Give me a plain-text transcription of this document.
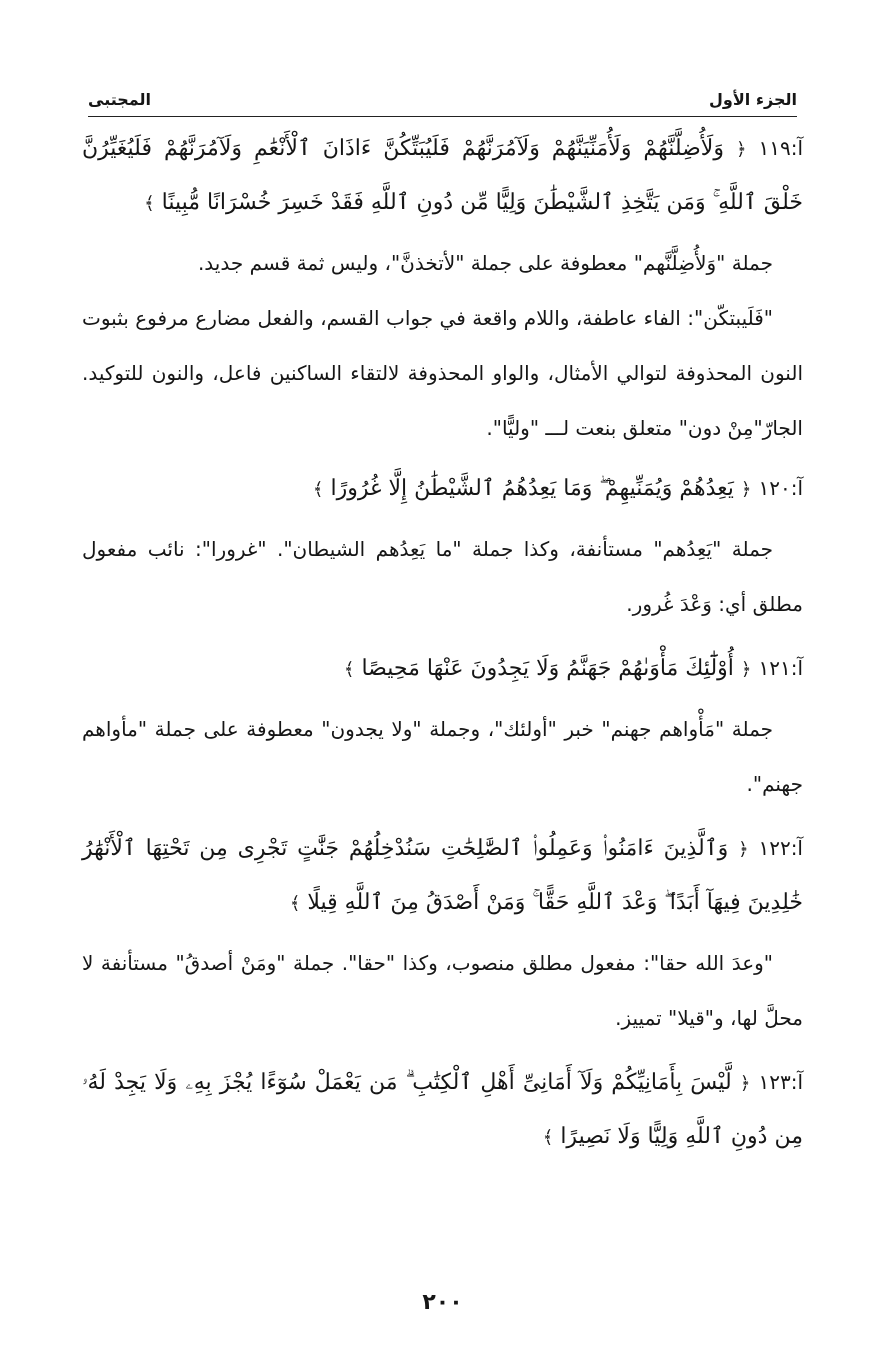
الجزء الأول
المجتبى
آ:١١٩ ﴿ وَلَأُضِلَّنَّهُمْ وَلَأُمَنِّيَنَّهُمْ وَلَآمُرَنَّهُمْ فَلَيُبَتِّكُنَّ ءَاذَانَ ٱلْأَنْعَٰمِ وَلَآمُرَنَّهُمْ فَلَيُغَيِّرُنَّ خَلْقَ ٱللَّهِ ۚ وَمَن يَتَّخِذِ ٱلشَّيْطَٰنَ وَلِيًّا مِّن دُونِ ٱللَّهِ فَقَدْ خَسِرَ خُسْرَانًا مُّبِينًا ﴾
جملة "وَلأُضِلَّنَّهم" معطوفة على جملة "لأتخذنَّ"، وليس ثمة قسم جديد.
"فَلَيبتكّن": الفاء عاطفة، واللام واقعة في جواب القسم، والفعل مضارع مرفوع بثبوت النون المحذوفة لتوالي الأمثال، والواو المحذوفة لالتقاء الساكنين فاعل، والنون للتوكيد. الجارّ"مِنْ دون" متعلق بنعت لـــ "وليًّا".
آ:١٢٠ ﴿ يَعِدُهُمْ وَيُمَنِّيهِمْ ۖ وَمَا يَعِدُهُمُ ٱلشَّيْطَٰنُ إِلَّا غُرُورًا ﴾
جملة "يَعِدُهم" مستأنفة، وكذا جملة "ما يَعِدُهم الشيطان". "غرورا": نائب مفعول مطلق أي: وَعْدَ غُرور.
آ:١٢١ ﴿ أُوْلَٰٓئِكَ مَأْوَىٰهُمْ جَهَنَّمُ وَلَا يَجِدُونَ عَنْهَا مَحِيصًا ﴾
جملة "مَأْواهم جهنم" خبر "أولئك"، وجملة "ولا يجدون" معطوفة على جملة "مأواهم جهنم".
آ:١٢٢ ﴿ وَٱلَّذِينَ ءَامَنُوا۟ وَعَمِلُوا۟ ٱلصَّٰلِحَٰتِ سَنُدْخِلُهُمْ جَنَّٰتٍ تَجْرِى مِن تَحْتِهَا ٱلْأَنْهَٰرُ خَٰلِدِينَ فِيهَآ أَبَدًا ۖ وَعْدَ ٱللَّهِ حَقًّا ۚ وَمَنْ أَصْدَقُ مِنَ ٱللَّهِ قِيلًا ﴾
"وعدَ الله حقا": مفعول مطلق منصوب، وكذا "حقا". جملة "ومَنْ أصدقُ" مستأنفة لا محلَّ لها، و"قيلا" تمييز.
آ:١٢٣ ﴿ لَّيْسَ بِأَمَانِيِّكُمْ وَلَآ أَمَانِىِّ أَهْلِ ٱلْكِتَٰبِ ۗ مَن يَعْمَلْ سُوٓءًا يُجْزَ بِهِۦ وَلَا يَجِدْ لَهُۥ مِن دُونِ ٱللَّهِ وَلِيًّا وَلَا نَصِيرًا ﴾
٢٠٠
